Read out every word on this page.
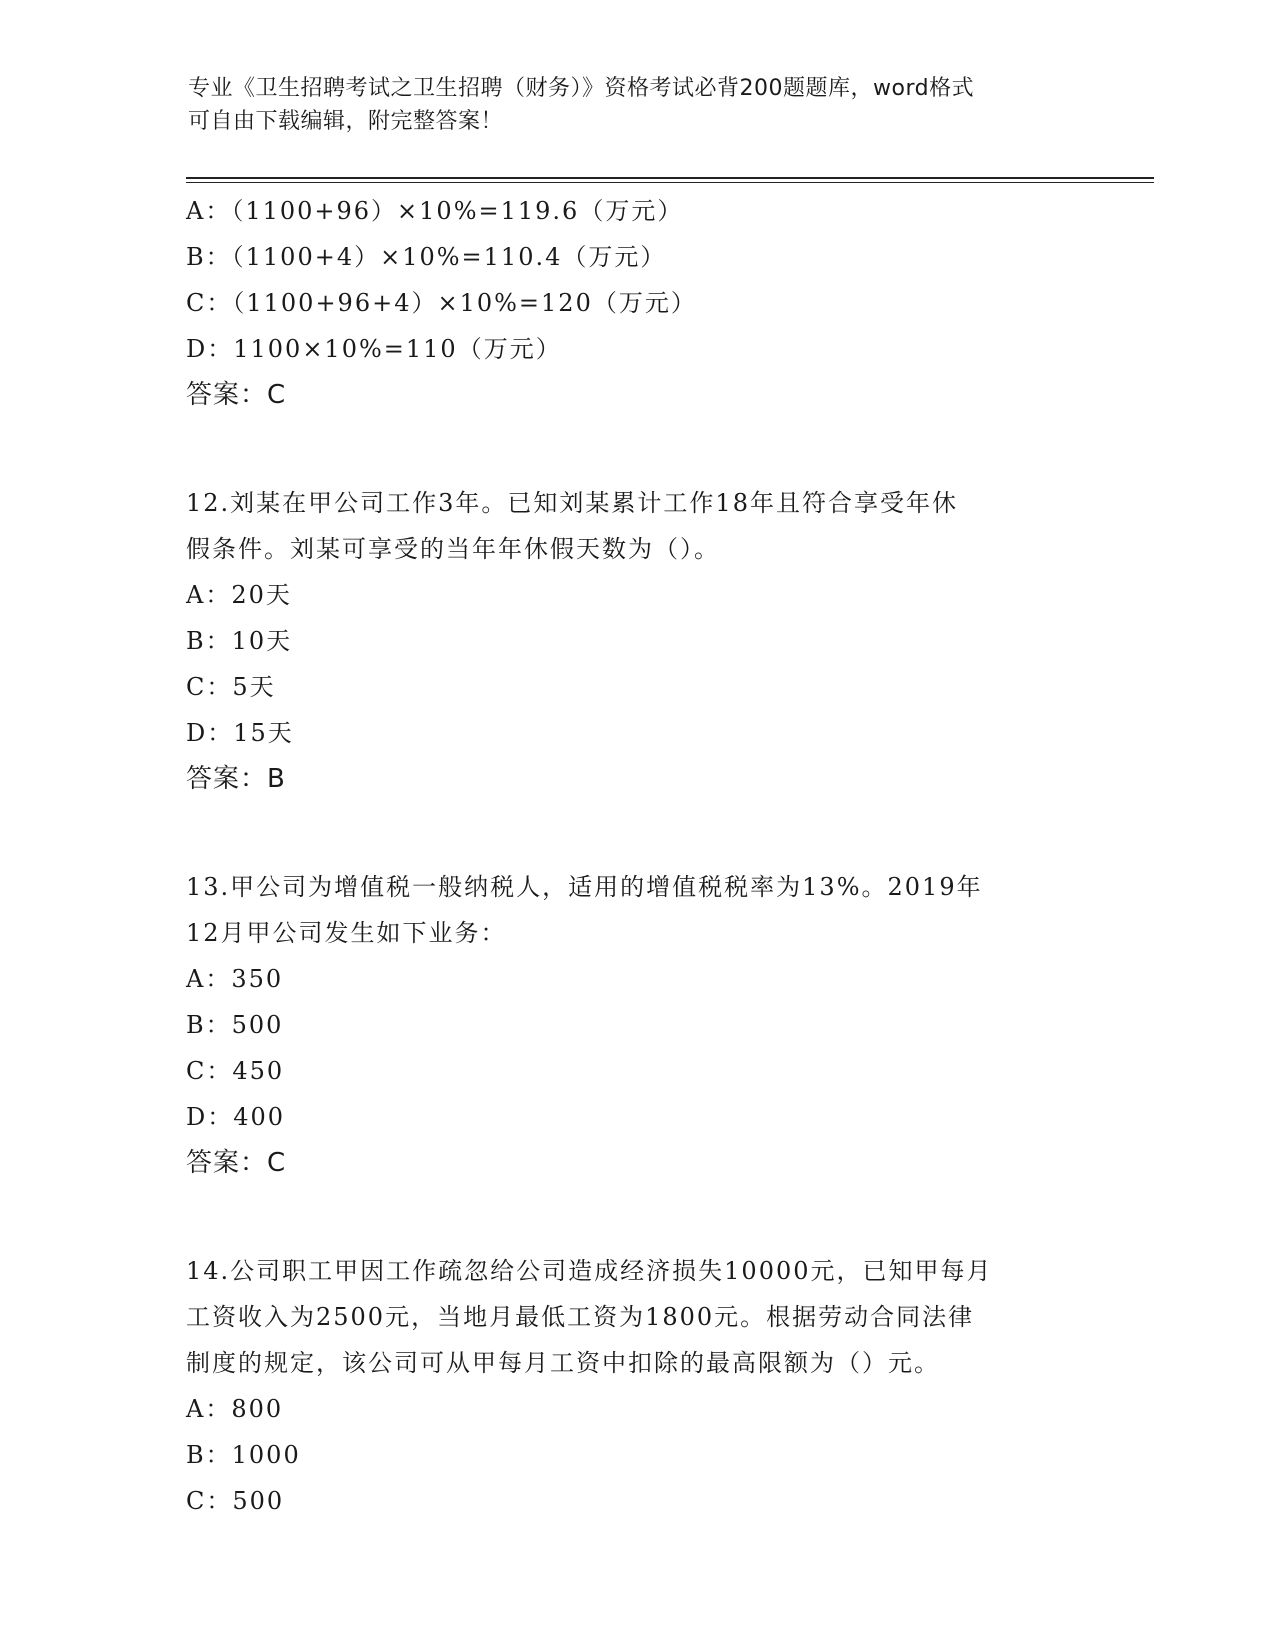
专业《卫生招聘考试之卫生招聘（财务）》资格考试必背200题题库，word格式
可自由下载编辑，附完整答案！
A：（1100+96）×10%=119.6（万元）
B：（1100+4）×10%=110.4（万元）
C：（1100+96+4）×10%=120（万元）
D：1100×10%=110（万元）
答案：C
12.刘某在甲公司工作3年。已知刘某累计工作18年且符合享受年休
假条件。刘某可享受的当年年休假天数为（）。
A：20天
B：10天
C：5天
D：15天
答案：B
13.甲公司为增值税一般纳税人，适用的增值税税率为13%。2019年
12月甲公司发生如下业务：
A：350
B：500
C：450
D：400
答案：C
14.公司职工甲因工作疏忽给公司造成经济损失10000元，已知甲每月
工资收入为2500元，当地月最低工资为1800元。根据劳动合同法律
制度的规定，该公司可从甲每月工资中扣除的最高限额为（）元。
A：800
B：1000
C：500
